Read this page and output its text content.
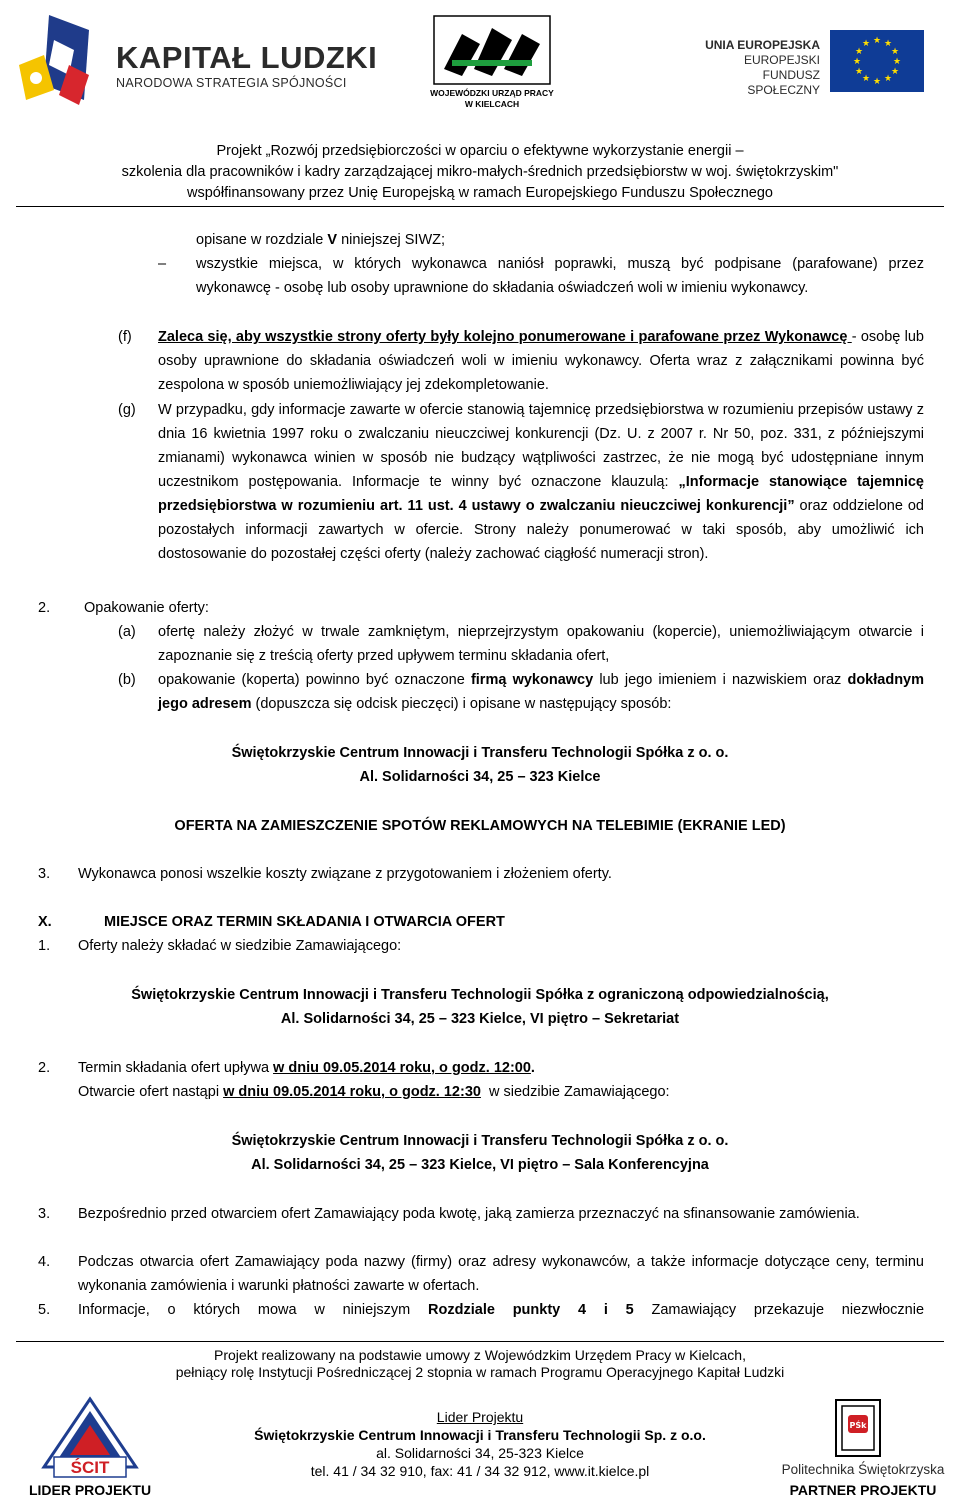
KAPITAŁ LUDZKI
NARODOWA STRATEGIA SPÓJNOŚCI
WOJEWÓDZKI URZĄD PRACY
W KIELCACH
UNIA EUROPEJSKA
EUROPEJSKI
FUNDUSZ SPOŁECZNY
★ ★
★
★
★
★
★
★
★
★
★
★
Projekt „Rozwój przedsiębiorczości w oparciu o efektywne wykorzystanie energii –
szkolenia dla pracowników i kadry zarządzającej mikro-małych-średnich przedsiębiorstw w woj. świętokrzyskim"
współfinansowany przez Unię Europejską w ramach Europejskiego Funduszu Społecznego
opisane w rozdziale V niniejszej SIWZ;
– wszystkie miejsca, w których wykonawca naniósł poprawki, muszą być podpisane (parafowane) przez wykonawcę - osobę lub osoby uprawnione do składania oświadczeń woli w imieniu wykonawcy.
(f) Zaleca się, aby wszystkie strony oferty były kolejno ponumerowane i parafowane przez Wykonawcę - osobę lub osoby uprawnione do składania oświadczeń woli w imieniu wykonawcy. Oferta wraz z załącznikami powinna być zespolona w sposób uniemożliwiający jej zdekompletowanie.
(g) W przypadku, gdy informacje zawarte w ofercie stanowią tajemnicę przedsiębiorstwa w rozumieniu przepisów ustawy z dnia 16 kwietnia 1997 roku o zwalczaniu nieuczciwej konkurencji (Dz. U. z 2007 r. Nr 50, poz. 331, z późniejszymi zmianami) wykonawca winien w sposób nie budzący wątpliwości zastrzec, że nie mogą być udostępniane innym uczestnikom postępowania. Informacje te winny być oznaczone klauzulą: „Informacje stanowiące tajemnicę przedsiębiorstwa w rozumieniu art. 11 ust. 4 ustawy o zwalczaniu nieuczciwej konkurencji” oraz oddzielone od pozostałych informacji zawartych w ofercie. Strony należy ponumerować w taki sposób, aby umożliwić ich dostosowanie do pozostałej części oferty (należy zachować ciągłość numeracji stron).
2. Opakowanie oferty:
(a) ofertę należy złożyć w trwale zamkniętym, nieprzejrzystym opakowaniu (kopercie), uniemożliwiającym otwarcie i zapoznanie się z treścią oferty przed upływem terminu składania ofert,
(b) opakowanie (koperta) powinno być oznaczone firmą wykonawcy lub jego imieniem i nazwiskiem oraz dokładnym jego adresem (dopuszcza się odcisk pieczęci) i opisane w następujący sposób:
Świętokrzyskie Centrum Innowacji i Transferu Technologii Spółka z o. o.
Al. Solidarności 34, 25 – 323 Kielce
OFERTA NA ZAMIESZCZENIE SPOTÓW REKLAMOWYCH NA TELEBIMIE (EKRANIE LED)
3. Wykonawca ponosi wszelkie koszty związane z przygotowaniem i złożeniem oferty.
X.	MIEJSCE ORAZ TERMIN SKŁADANIA I OTWARCIA OFERT
1. Oferty należy składać w siedzibie Zamawiającego:
Świętokrzyskie Centrum Innowacji i Transferu Technologii Spółka z ograniczoną odpowiedzialnością,
Al. Solidarności 34, 25 – 323 Kielce, VI piętro – Sekretariat
2. Termin składania ofert upływa w dniu 09.05.2014 roku, o godz. 12:00.
Otwarcie ofert nastąpi w dniu 09.05.2014 roku, o godz. 12:30  w siedzibie Zamawiającego:
Świętokrzyskie Centrum Innowacji i Transferu Technologii Spółka z o. o.
Al. Solidarności 34, 25 – 323 Kielce, VI piętro – Sala Konferencyjna
3. Bezpośrednio przed otwarciem ofert Zamawiający poda kwotę, jaką zamierza przeznaczyć na sfinansowanie zamówienia.
4. Podczas otwarcia ofert Zamawiający poda nazwy (firmy) oraz adresy wykonawców, a także informacje dotyczące ceny, terminu wykonania zamówienia i warunki płatności zawarte w ofertach.
5. Informacje, o których mowa w niniejszym Rozdziale punkty 4 i 5 Zamawiający przekazuje niezwłocznie
Projekt realizowany na podstawie umowy z Wojewódzkim Urzędem Pracy w Kielcach,
pełniący rolę Instytucji Pośredniczącej 2 stopnia w ramach Programu Operacyjnego Kapitał Ludzki
Lider Projektu
Świętokrzyskie Centrum Innowacji i Transferu Technologii Sp. z o.o.
al. Solidarności 34, 25-323 Kielce
tel. 41 / 34 32 910, fax: 41 / 34 32 912, www.it.kielce.pl
ŚCIT
LIDER PROJEKTU
PŚk
Politechnika Świętokrzyska
PARTNER PROJEKTU
